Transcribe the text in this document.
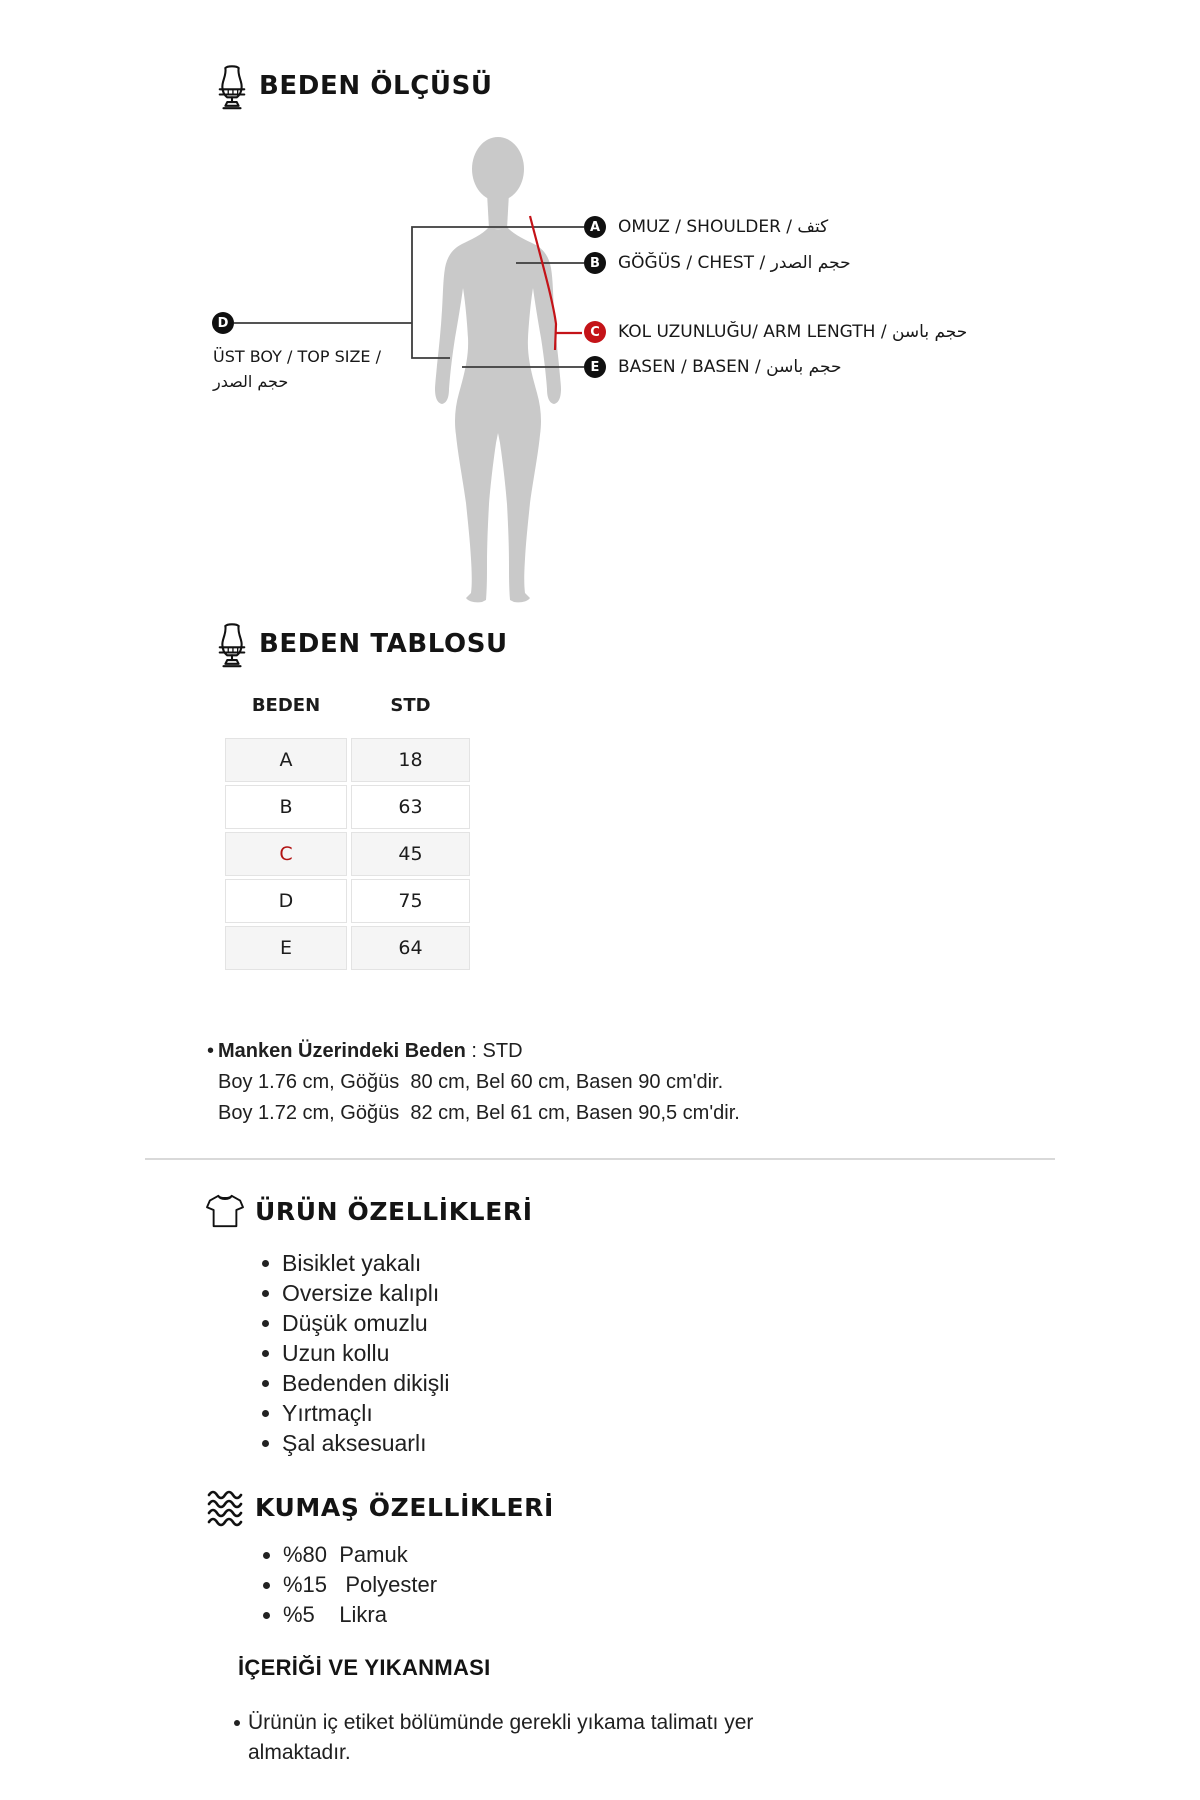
BEDEN ÖLÇÜSÜ
A OMUZ / SHOULDER / كتف
B GÖĞÜS / CHEST / حجم الصدر
C KOL UZUNLUĞU/ ARM LENGTH / حجم باسن
E BASEN / BASEN / حجم باسن
D
ÜST BOY / TOP SIZE /
حجم الصدر
BEDEN TABLOSU
BEDEN	STD
A	18
B	63
C	45
D	75
E	64
• Manken Üzerindeki Beden : STD
Boy 1.76 cm, Göğüs  80 cm, Bel 60 cm, Basen 90 cm'dir.
Boy 1.72 cm, Göğüs  82 cm, Bel 61 cm, Basen 90,5 cm'dir.
ÜRÜN ÖZELLİKLERİ
Bisiklet yakalı
Oversize kalıplı
Düşük omuzlu
Uzun kollu
Bedenden dikişli
Yırtmaçlı
Şal aksesuarlı
KUMAŞ ÖZELLİKLERİ
%80  Pamuk
%15   Polyester
%5    Likra
İÇERİĞİ VE YIKANMASI
Ürünün iç etiket bölümünde gerekli yıkama talimatı yer almaktadır.
